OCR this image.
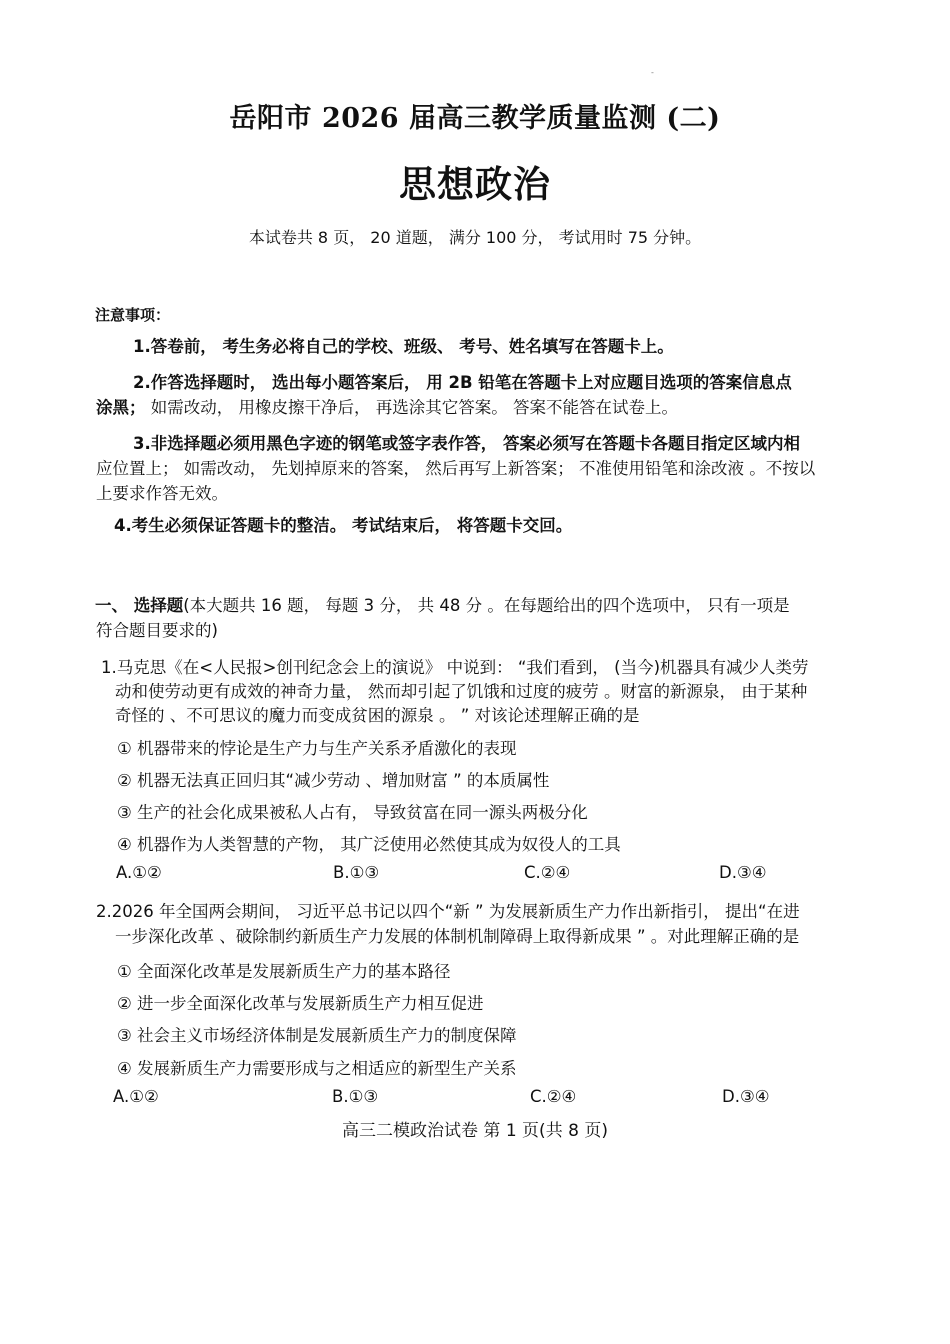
-
岳阳市 2026 届高三教学质量监测 (二)
思想政治
本试卷共 8 页， 20 道题， 满分 100 分， 考试用时 75 分钟。
注意事项：
1.答卷前， 考生务必将自己的学校、班级、 考号、姓名填写在答题卡上。
2.作答选择题时， 选出每小题答案后， 用 2B 铅笔在答题卡上对应题目选项的答案信息点
涂黑； 如需改动， 用橡皮擦干净后， 再选涂其它答案。 答案不能答在试卷上。
3.非选择题必须用黑色字迹的钢笔或签字表作答， 答案必须写在答题卡各题目指定区域内相
应位置上； 如需改动， 先划掉原来的答案， 然后再写上新答案； 不准使用铅笔和涂改液 。不按以
上要求作答无效。
4.考生必须保证答题卡的整洁。 考试结束后， 将答题卡交回。
一、 选择题(本大题共 16 题， 每题 3 分， 共 48 分 。在每题给出的四个选项中， 只有一项是
符合题目要求的)
1.马克思《在<人民报>创刊纪念会上的演说》 中说到： “我们看到， (当今)机器具有减少人类劳
动和使劳动更有成效的神奇力量， 然而却引起了饥饿和过度的疲劳 。财富的新源泉， 由于某种
奇怪的 、不可思议的魔力而变成贫困的源泉 。 ” 对该论述理解正确的是
① 机器带来的悖论是生产力与生产关系矛盾激化的表现
② 机器无法真正回归其“减少劳动 、增加财富 ” 的本质属性
③ 生产的社会化成果被私人占有， 导致贫富在同一源头两极分化
④ 机器作为人类智慧的产物， 其广泛使用必然使其成为奴役人的工具
A.①②	B.①③	C.②④	D.③④
2.2026 年全国两会期间， 习近平总书记以四个“新 ” 为发展新质生产力作出新指引， 提出“在进
一步深化改革 、破除制约新质生产力发展的体制机制障碍上取得新成果 ” 。对此理解正确的是
① 全面深化改革是发展新质生产力的基本路径
② 进一步全面深化改革与发展新质生产力相互促进
③ 社会主义市场经济体制是发展新质生产力的制度保障
④ 发展新质生产力需要形成与之相适应的新型生产关系
A.①②	B.①③	C.②④	D.③④
高三二模政治试卷 第 1 页(共 8 页)
